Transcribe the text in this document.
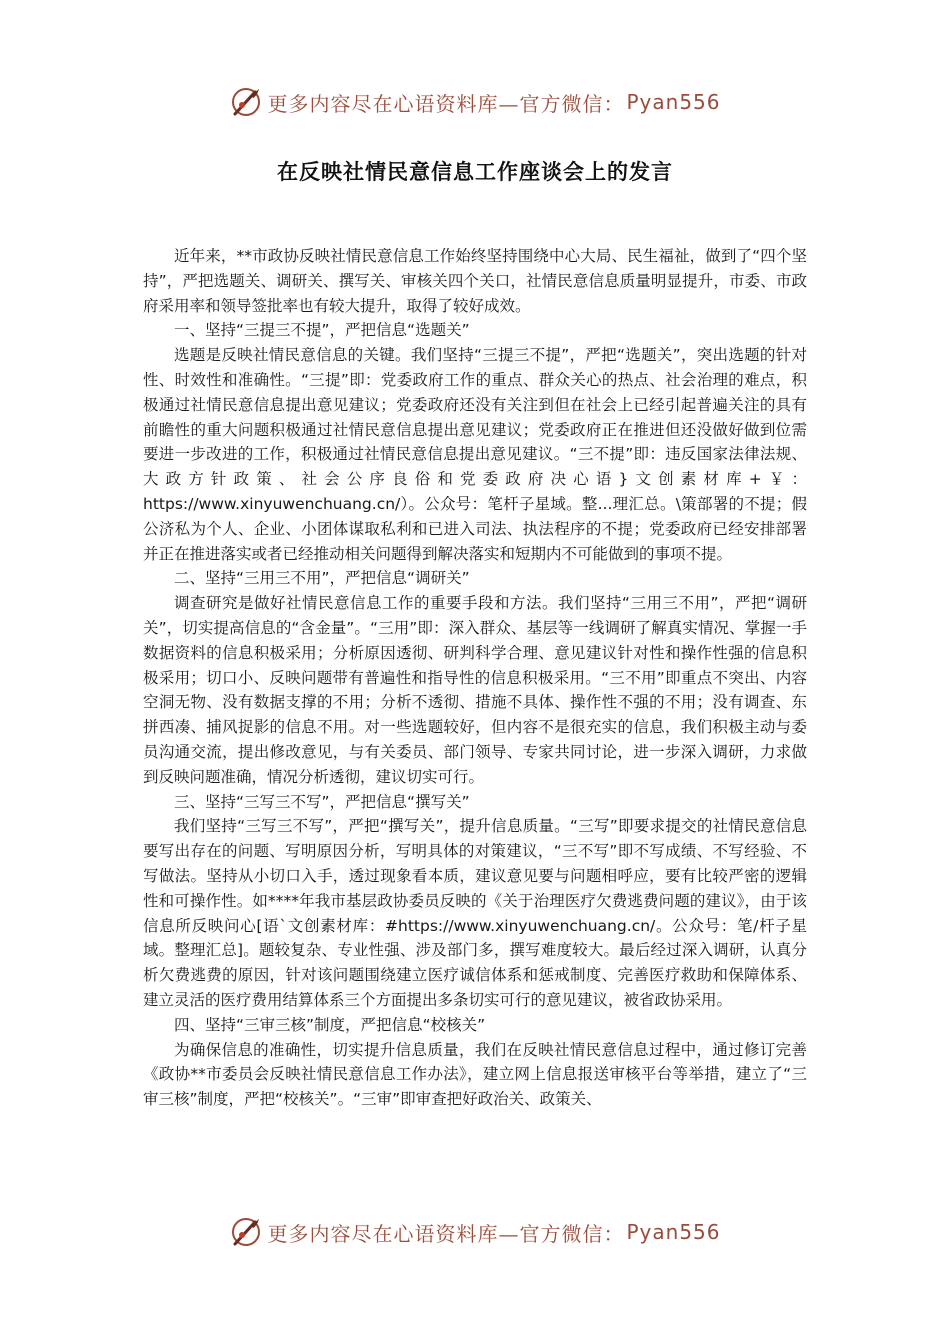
更多内容尽在心语资料库—官方微信： Pyan556
在反映社情民意信息工作座谈会上的发言

近年来，**市政协反映社情民意信息工作始终坚持围绕中心大局、民生福祉，做到了“四个坚持”，严把选题关、调研关、撰写关、审核关四个关口，社情民意信息质量明显提升，市委、市政府采用率和领导签批率也有较大提升，取得了较好成效。

一、坚持“三提三不提”，严把信息“选题关”

选题是反映社情民意信息的关键。我们坚持“三提三不提”，严把“选题关”，突出选题的针对性、时效性和准确性。“三提”即：党委政府工作的重点、群众关心的热点、社会治理的难点，积极通过社情民意信息提出意见建议；党委政府还没有关注到但在社会上已经引起普遍关注的具有前瞻性的重大问题积极通过社情民意信息提出意见建议；党委政府正在推进但还没做好做到位需要进一步改进的工作，积极通过社情民意信息提出意见建议。“三不提”即：违反国家法律法规、大政方针政策、社会公序良俗和党委政府决心语}文创素材库+￥：https://www.xinyuwenchuang.cn/）。公众号：笔杆子星域。整...理汇总。\策部署的不提；假公济私为个人、企业、小团体谋取私利和已进入司法、执法程序的不提；党委政府已经安排部署并正在推进落实或者已经推动相关问题得到解决落实和短期内不可能做到的事项不提。

二、坚持“三用三不用”，严把信息“调研关”

调查研究是做好社情民意信息工作的重要手段和方法。我们坚持“三用三不用”，严把“调研关”，切实提高信息的“含金量”。“三用”即：深入群众、基层等一线调研了解真实情况、掌握一手数据资料的信息积极采用；分析原因透彻、研判科学合理、意见建议针对性和操作性强的信息积极采用；切口小、反映问题带有普遍性和指导性的信息积极采用。“三不用”即重点不突出、内容空洞无物、没有数据支撑的不用；分析不透彻、措施不具体、操作性不强的不用；没有调查、东拼西凑、捕风捉影的信息不用。对一些选题较好，但内容不是很充实的信息，我们积极主动与委员沟通交流，提出修改意见，与有关委员、部门领导、专家共同讨论，进一步深入调研，力求做到反映问题准确，情况分析透彻，建议切实可行。

三、坚持“三写三不写”，严把信息“撰写关”

我们坚持“三写三不写”，严把“撰写关”，提升信息质量。“三写”即要求提交的社情民意信息要写出存在的问题、写明原因分析，写明具体的对策建议，“三不写”即不写成绩、不写经验、不写做法。坚持从小切口入手，透过现象看本质，建议意见要与问题相呼应，要有比较严密的逻辑性和可操作性。如****年我市基层政协委员反映的《关于治理医疗欠费逃费问题的建议》，由于该信息所反映问心[语`文创素材库：#https://www.xinyuwenchuang.cn/。公众号：笔/杆子星域。整理汇总]。题较复杂、专业性强、涉及部门多，撰写难度较大。最后经过深入调研，认真分析欠费逃费的原因，针对该问题围绕建立医疗诚信体系和惩戒制度、完善医疗救助和保障体系、建立灵活的医疗费用结算体系三个方面提出多条切实可行的意见建议，被省政协采用。

四、坚持“三审三核”制度，严把信息“校核关”

为确保信息的准确性，切实提升信息质量，我们在反映社情民意信息过程中，通过修订完善《政协**市委员会反映社情民意信息工作办法》，建立网上信息报送审核平台等举措，建立了“三审三核”制度，严把“校核关”。“三审”即审查把好政治关、政策关、

更多内容尽在心语资料库—官方微信： Pyan556
